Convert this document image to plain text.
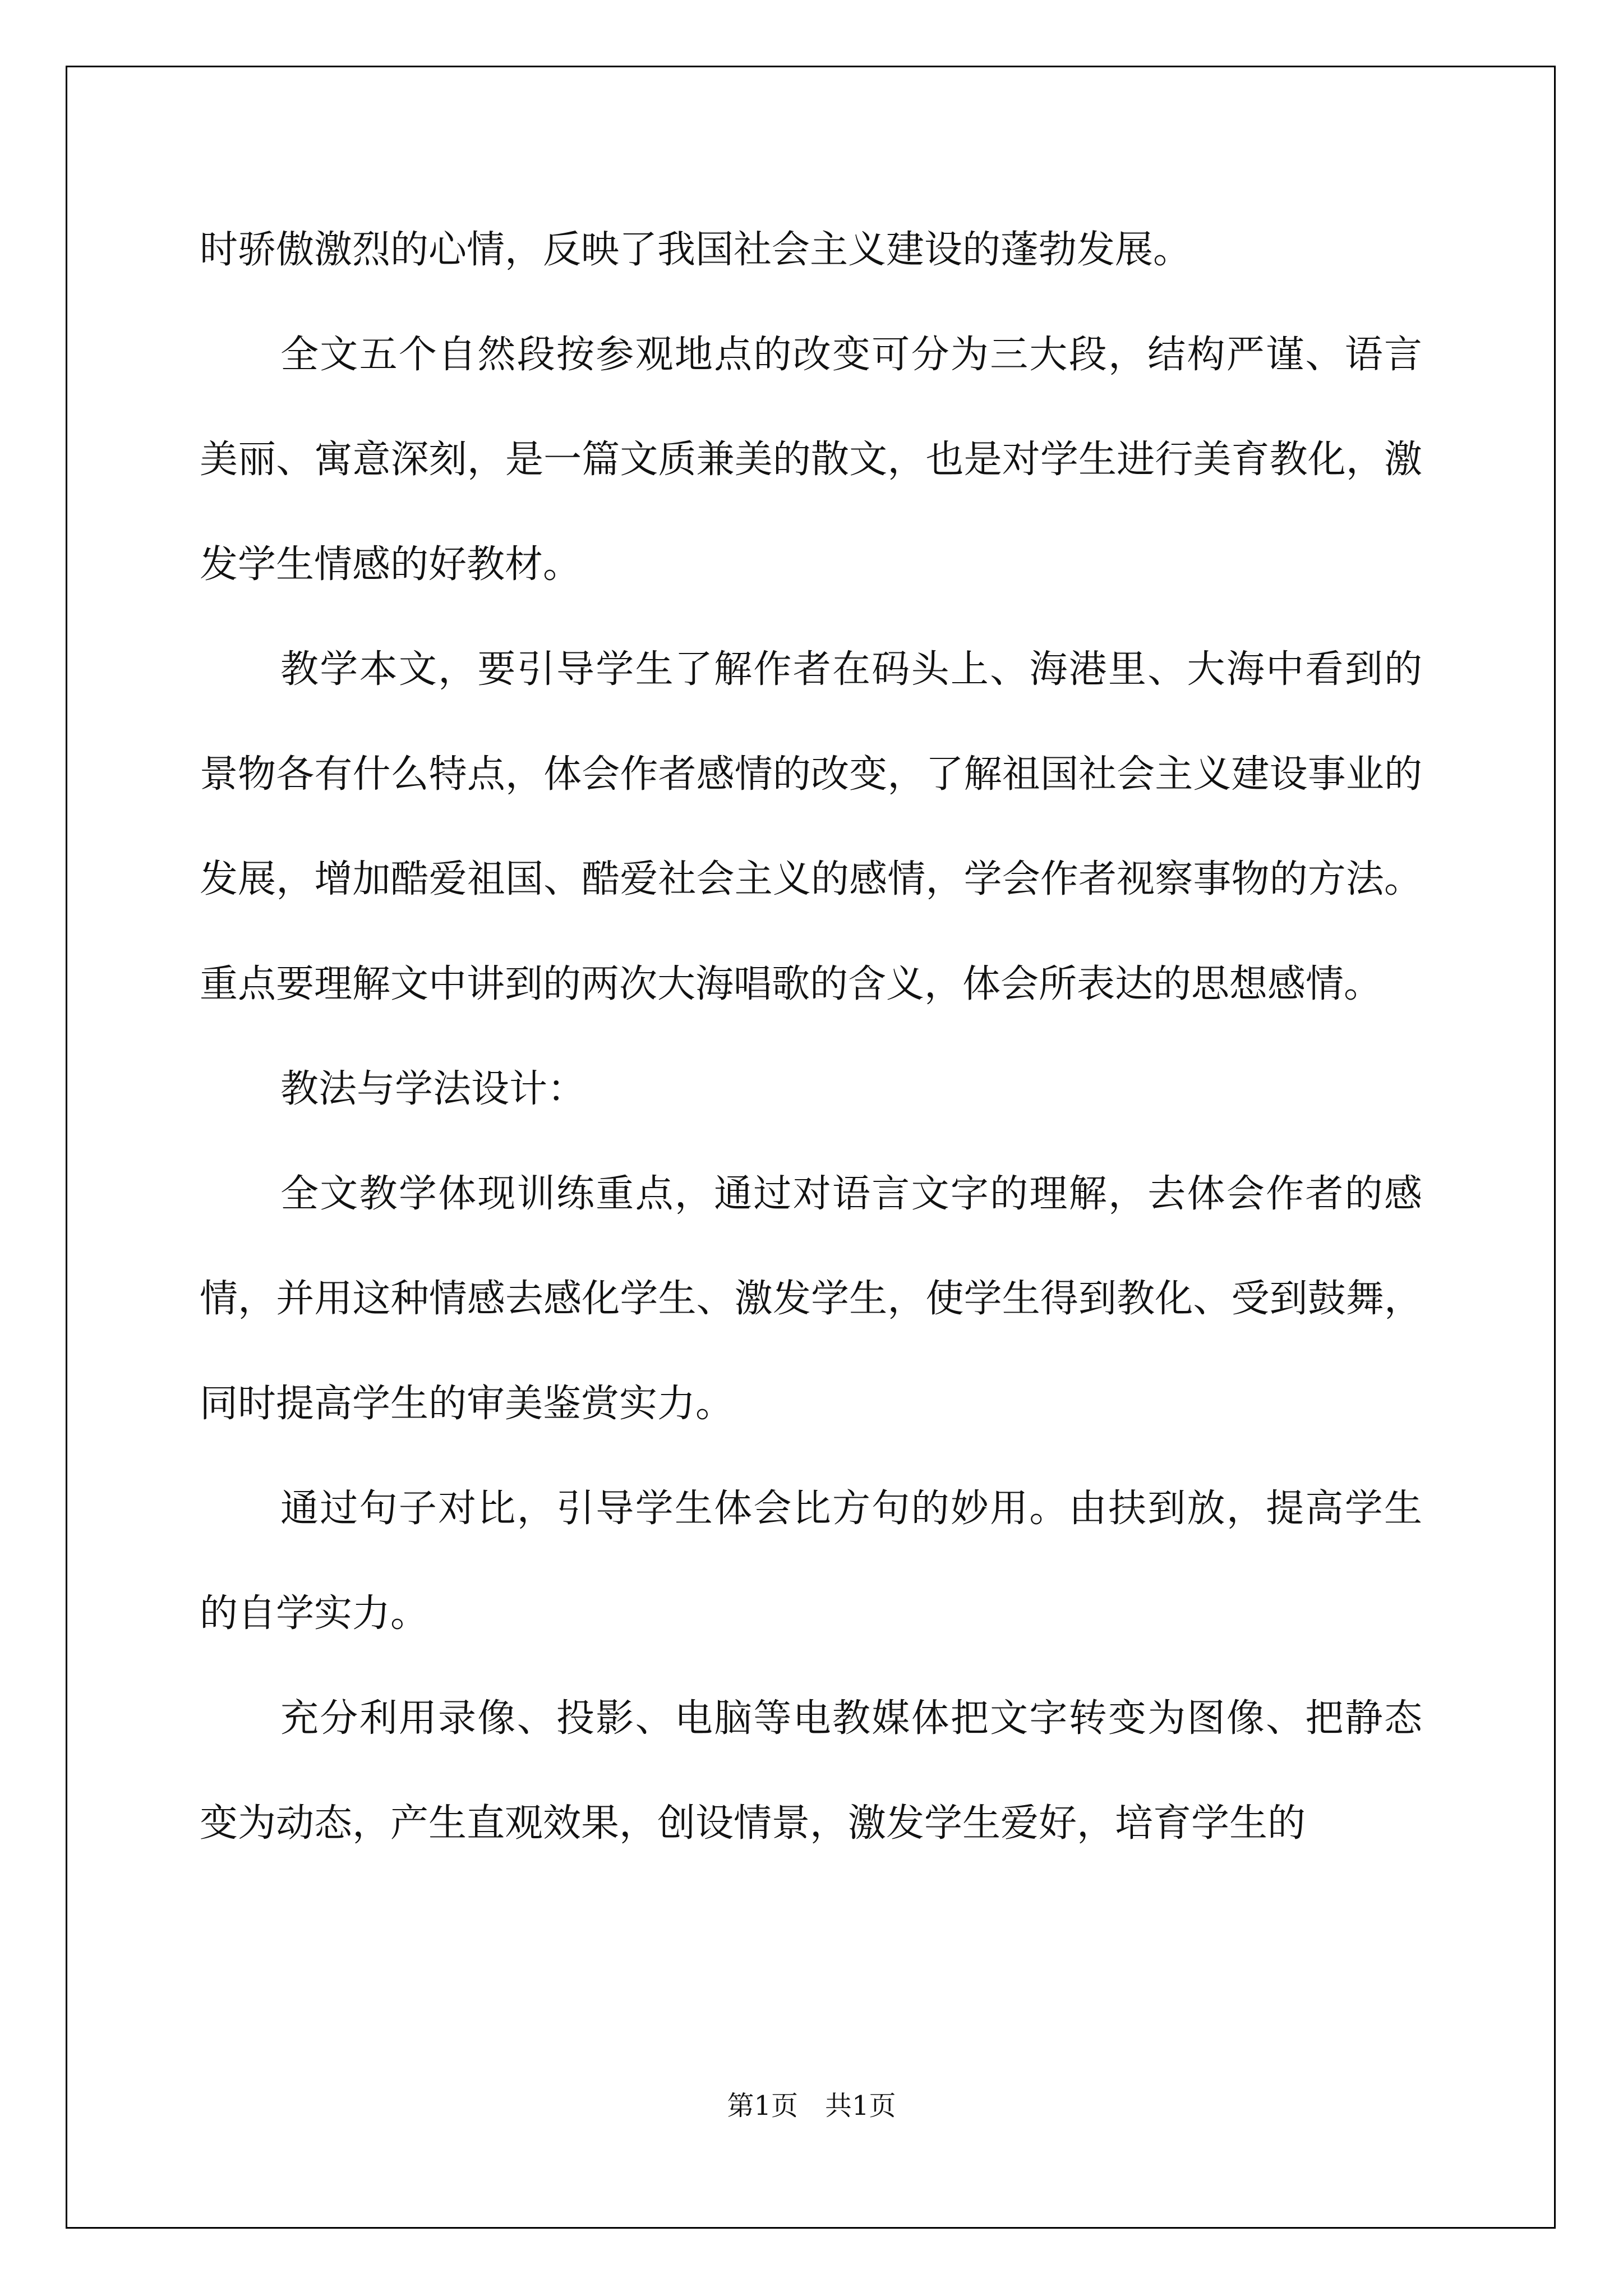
时骄傲激烈的心情，反映了我国社会主义建设的蓬勃发展。

全文五个自然段按参观地点的改变可分为三大段，结构严谨、语言美丽、寓意深刻，是一篇文质兼美的散文，也是对学生进行美育教化，激发学生情感的好教材。

教学本文，要引导学生了解作者在码头上、海港里、大海中看到的景物各有什么特点，体会作者感情的改变，了解祖国社会主义建设事业的发展，增加酷爱祖国、酷爱社会主义的感情，学会作者视察事物的方法。重点要理解文中讲到的两次大海唱歌的含义，体会所表达的思想感情。

教法与学法设计：

全文教学体现训练重点，通过对语言文字的理解，去体会作者的感情，并用这种情感去感化学生、激发学生，使学生得到教化、受到鼓舞，同时提高学生的审美鉴赏实力。

通过句子对比，引导学生体会比方句的妙用。由扶到放，提高学生的自学实力。

充分利用录像、投影、电脑等电教媒体把文字转变为图像、把静态变为动态，产生直观效果，创设情景，激发学生爱好，培育学生的

第1页　共1页
